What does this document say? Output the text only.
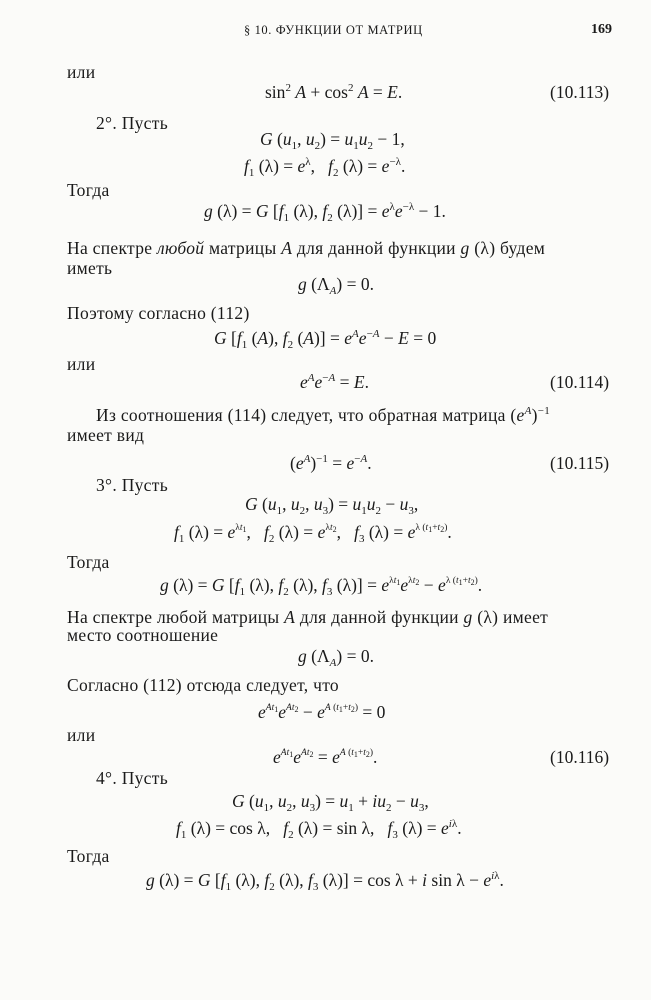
§ 10. ФУНКЦИИ ОТ МАТРИЦ	169
или
$\sin^2 A + \cos^2 A = E$.	(10.113)
2°. Пусть
G ($u_1$, $u_2) = u_1u_2 - 1$,
$f_1$ $(\lambda) = e^\lambda$,   $f_2$ $(\lambda) = e^{-\lambda}$.
Тогда
g (λ) = G [$f_1$ (λ), $f_2$ $(\lambda)] = e^\lambda e^{-\lambda} - 1$.
На спектре любой матрицы A для данной функции g (λ) будем
иметь
g $(\Lambda_A) = 0$.
Поэтому согласно (112)
G [$f_1$ (A), $f_2$ $(A)] = e^Ae^{-A} - E = 0$
или
$e^Ae^{-A} = E$.	(10.114)
Из соотношения (114) следует, что обратная матрица $(e^A)^{-1}$
имеет вид
$(e^A)^{-1} = e^{-A}$.	(10.115)
3°. Пусть
G ($u_1$, $u_2$, $u_3) = u_1u_2 - u_3$,
$f_1$ $(\lambda) = e^{\lambda t_1}$,   $f_2$ $(\lambda) = e^{\lambda t_2}$,   $f_3$ $(\lambda) = e^{\lambda (t_1+t_2)}$.
Тогда
g (λ) = G [$f_1$ (λ), $f_2$ (λ), $f_3$ $(\lambda)] = e^{\lambda t_1}e^{\lambda t_2} - e^{\lambda (t_1+t_2)}$.
На спектре любой матрицы A для данной функции g (λ) имеет
место соотношение
g $(\Lambda_A) = 0$.
Согласно (112) отсюда следует, что
$e^{At_1}e^{At_2} - e^{A (t_1+t_2)} = 0$
или
$e^{At_1}e^{At_2} = e^{A (t_1+t_2)}$.	(10.116)
4°. Пусть
G ($u_1$, $u_2$, $u_3) = u_1 + iu_2 - u_3$,
$f_1$ (λ) = cos λ,   $f_2$ (λ) = sin λ,   $f_3$ $(\lambda) = e^{i\lambda}$.
Тогда
g (λ) = G [$f_1$ (λ), $f_2$ (λ), $f_3$ (λ)] = cos λ + i $\sin \lambda - e^{i\lambda}$.
